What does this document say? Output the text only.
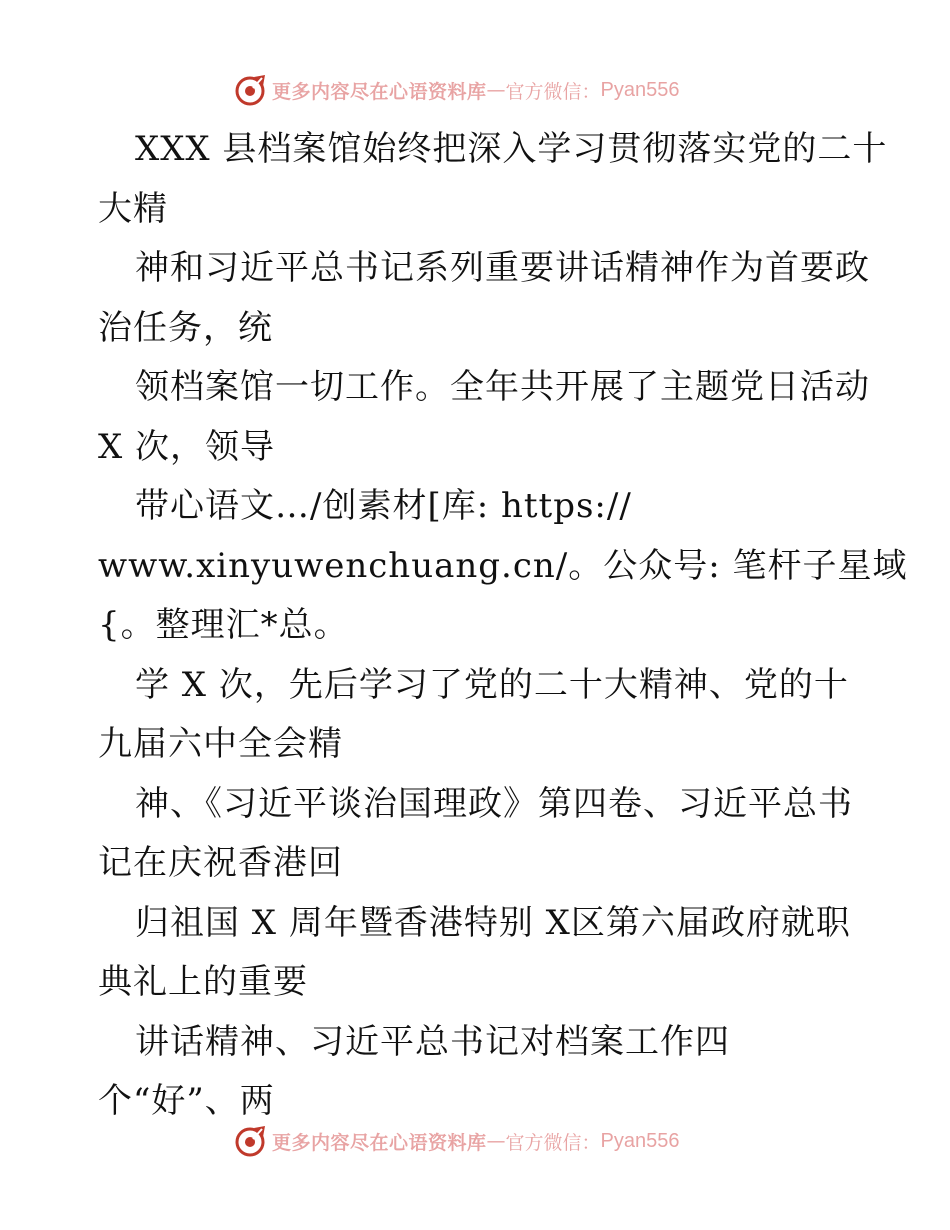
更多内容尽在心语资料库 — 官方微信： Pyan556
XXX 县档案馆始终把深入学习贯彻落实党的二十
大精
神和习近平总书记系列重要讲话精神作为首要政
治任务，统
领档案馆一切工作。全年共开展了主题党日活动
X 次，领导
带心语文…/创素材[库: https://
www.xinyuwenchuang.cn/。公众号: 笔杆子星域
{。整理汇*总。
学 X 次，先后学习了党的二十大精神、党的十
九届六中全会精
神、《习近平谈治国理政》第四卷、习近平总书
记在庆祝香港回
归祖国 X 周年暨香港特别 X区第六届政府就职
典礼上的重要
讲话精神、习近平总书记对档案工作四
个“好”、两
更多内容尽在心语资料库 — 官方微信： Pyan556
